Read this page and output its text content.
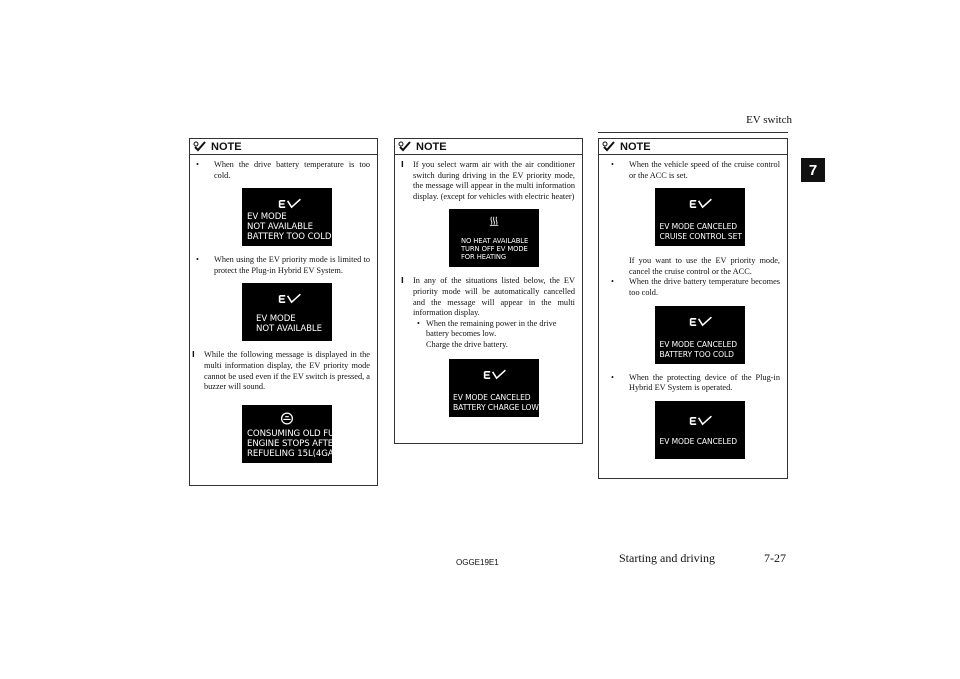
EV switch
7
NOTE
• When the drive battery temperature is too cold.
EV MODE
NOT AVAILABLE
BATTERY TOO COLD
• When using the EV priority mode is limited to protect the Plug-in Hybrid EV System.
EV MODE
NOT AVAILABLE
l While the following message is displayed in the multi information display, the EV priority mode cannot be used even if the EV switch is pressed, a buzzer will sound.
CONSUMING OLD FUEL,
ENGINE STOPS AFTER
REFUELING 15L(4GAL)
NOTE
l If you select warm air with the air conditioner switch during driving in the EV priority mode, the message will appear in the multi information display. (except for vehicles with electric heater)
NO HEAT AVAILABLE
TURN OFF EV MODE
FOR HEATING
l In any of the situations listed below, the EV priority mode will be automatically cancelled and the message will appear in the multi information display.
• When the remaining power in the drive battery becomes low.
Charge the drive battery.
EV MODE CANCELED
BATTERY CHARGE LOW
NOTE
• When the vehicle speed of the cruise control or the ACC is set.
EV MODE CANCELED
CRUISE CONTROL SET
If you want to use the EV priority mode, cancel the cruise control or the ACC.
• When the drive battery temperature becomes too cold.
EV MODE CANCELED
BATTERY TOO COLD
• When the protecting device of the Plug-in Hybrid EV System is operated.
EV MODE CANCELED
OGGE19E1	Starting and driving	7-27
